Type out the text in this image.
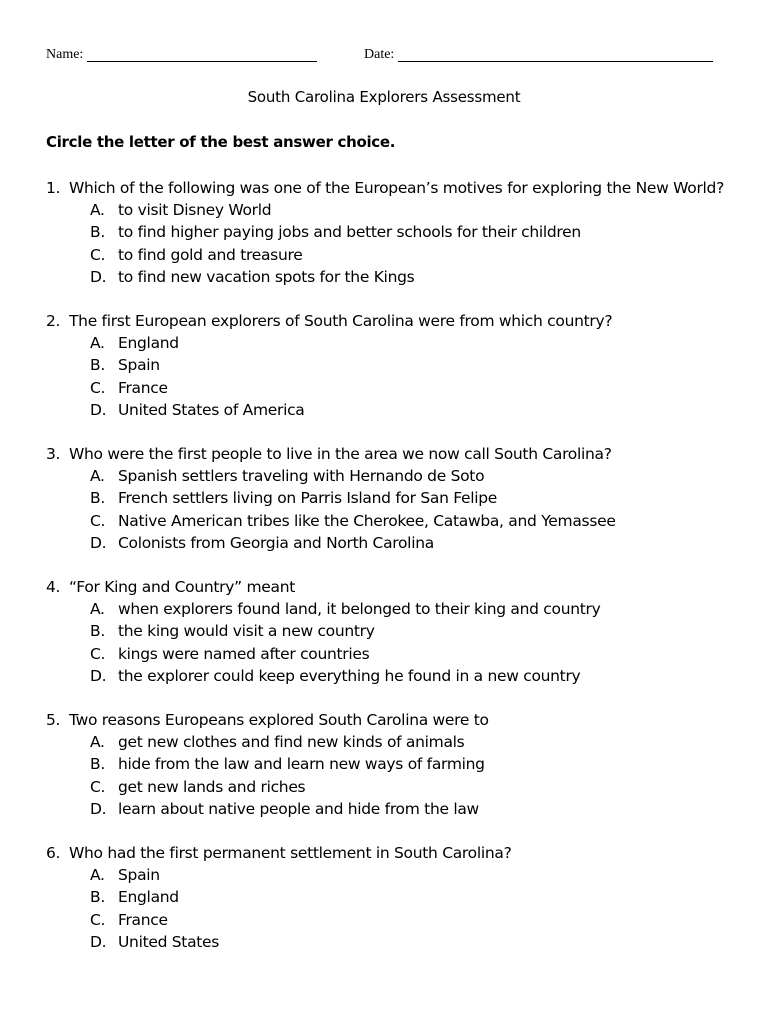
Name:	Date:
South Carolina Explorers Assessment
Circle the letter of the best answer choice.
1. Which of the following was one of the European’s motives for exploring the New World?
A. to visit Disney World
B. to find higher paying jobs and better schools for their children
C. to find gold and treasure
D. to find new vacation spots for the Kings
2. The first European explorers of South Carolina were from which country?
A. England
B. Spain
C. France
D. United States of America
3. Who were the first people to live in the area we now call South Carolina?
A. Spanish settlers traveling with Hernando de Soto
B. French settlers living on Parris Island for San Felipe
C. Native American tribes like the Cherokee, Catawba, and Yemassee
D. Colonists from Georgia and North Carolina
4. “For King and Country” meant
A. when explorers found land, it belonged to their king and country
B. the king would visit a new country
C. kings were named after countries
D. the explorer could keep everything he found in a new country
5. Two reasons Europeans explored South Carolina were to
A. get new clothes and find new kinds of animals
B. hide from the law and learn new ways of farming
C. get new lands and riches
D. learn about native people and hide from the law
6. Who had the first permanent settlement in South Carolina?
A. Spain
B. England
C. France
D. United States
